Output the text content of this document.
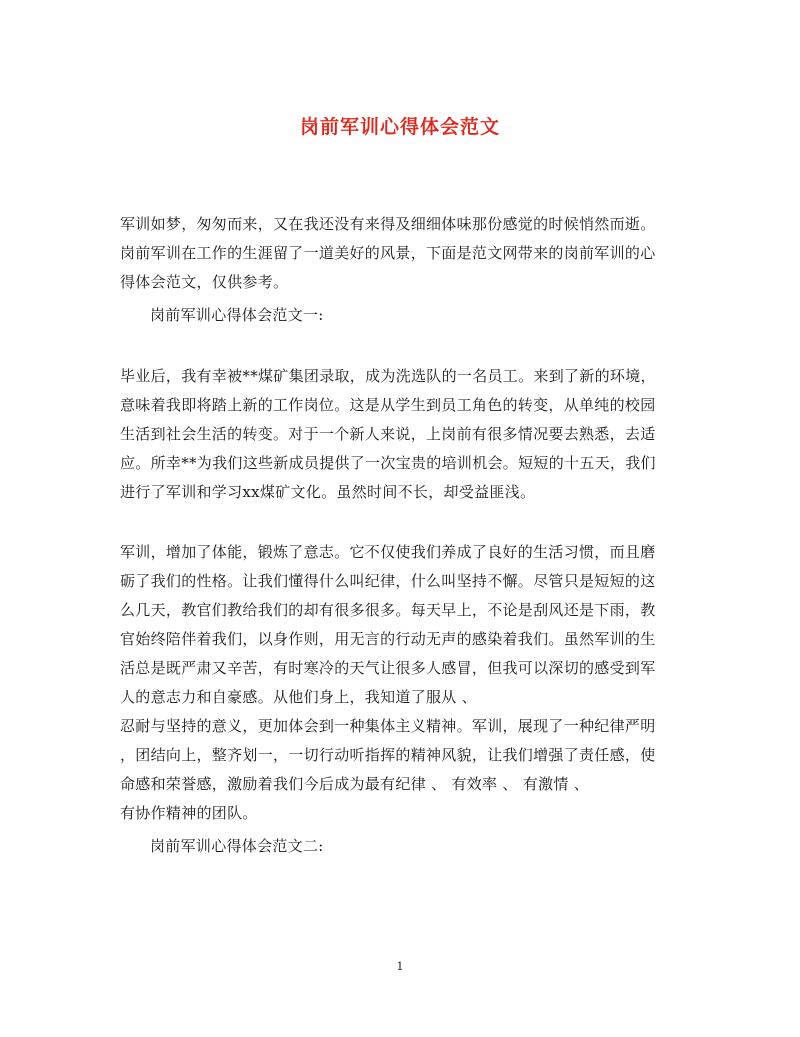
岗前军训心得体会范文
军训如梦，匆匆而来，又在我还没有来得及细细体味那份感觉的时候悄然而逝。
岗前军训在工作的生涯留了一道美好的风景，下面是范文网带来的岗前军训的心
得体会范文，仅供参考。
岗前军训心得体会范文一:
毕业后，我有幸被**煤矿集团录取，成为洗选队的一名员工。来到了新的环境，
意味着我即将踏上新的工作岗位。这是从学生到员工角色的转变，从单纯的校园
生活到社会生活的转变。对于一个新人来说，上岗前有很多情况要去熟悉，去适
应。所幸**为我们这些新成员提供了一次宝贵的培训机会。短短的十五天，我们
进行了军训和学习xx煤矿文化。虽然时间不长，却受益匪浅。
军训，增加了体能，锻炼了意志。它不仅使我们养成了良好的生活习惯，而且磨
砺了我们的性格。让我们懂得什么叫纪律，什么叫坚持不懈。尽管只是短短的这
么几天，教官们教给我们的却有很多很多。每天早上，不论是刮风还是下雨，教
官始终陪伴着我们，以身作则，用无言的行动无声的感染着我们。虽然军训的生
活总是既严肃又辛苦，有时寒冷的天气让很多人感冒，但我可以深切的感受到军
人的意志力和自豪感。从他们身上，我知道了服从 、
忍耐与坚持的意义，更加体会到一种集体主义精神。军训，展现了一种纪律严明
，团结向上，整齐划一，一切行动听指挥的精神风貌，让我们增强了责任感，使
命感和荣誉感，激励着我们今后成为最有纪律 、 有效率 、 有激情 、
有协作精神的团队。
岗前军训心得体会范文二:
1
